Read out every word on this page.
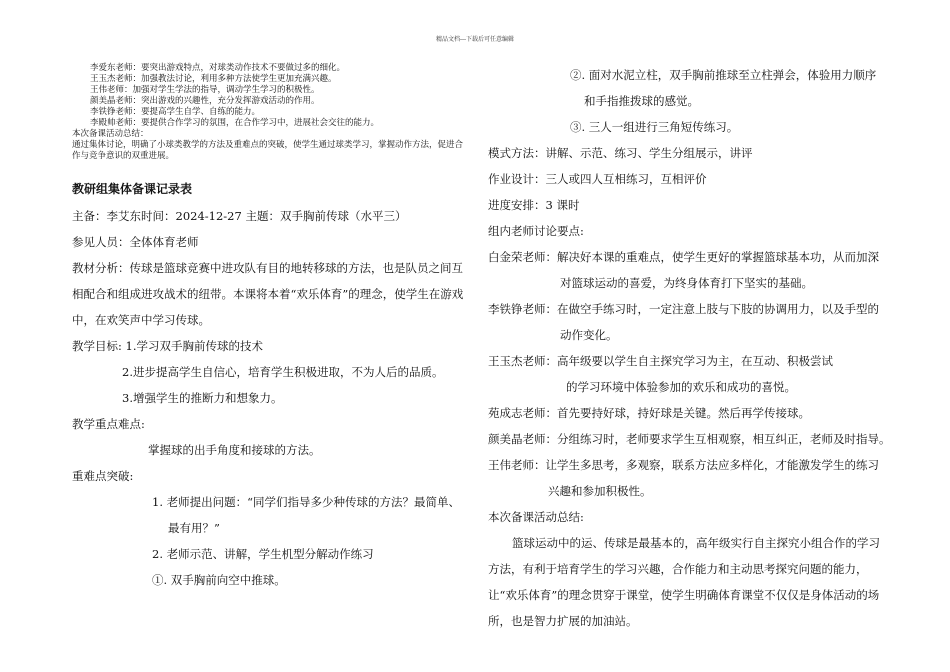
精品文档---下载后可任意编辑
李爱东老师：要突出游戏特点，对球类动作技术不要做过多的细化。
王玉杰老师：加强教法讨论，利用多种方法使学生更加充满兴趣。
王伟老师：加强对学生学法的指导，调动学生学习的积极性。
颜美晶老师：突出游戏的兴趣性，充分发挥游戏活动的作用。
李铁铮老师：要提高学生自学、自练的能力。
李殿帅老师：要提供合作学习的氛围，在合作学习中，进展社会交往的能力。
本次备课活动总结：
通过集体讨论，明确了小球类教学的方法及重难点的突破，使学生通过球类学习，掌握动作方法，促进合作与竞争意识的双重进展。
教研组集体备课记录表
主备：李艾东时间：2024-12-27 主题：双手胸前传球（水平三）
参见人员：全体体育老师
教材分析：传球是篮球竞赛中进攻队有目的地转移球的方法，也是队员之间互相配合和组成进攻战术的纽带。本课将本着“欢乐体育”的理念，使学生在游戏中，在欢笑声中学习传球。
教学目标: 1.学习双手胸前传球的技术
2.进步提高学生自信心，培育学生积极进取，不为人后的品质。
3.增强学生的推断力和想象力。
教学重点难点:
掌握球的出手角度和接球的方法。
重难点突破:
1. 老师提出问题：“同学们指导多少种传球的方法？最简单、
最有用？”
2. 老师示范、讲解，学生机型分解动作练习
①. 双手胸前向空中推球。
②. 面对水泥立柱，双手胸前推球至立柱弹会，体验用力顺序
和手指推拨球的感觉。
③. 三人一组进行三角短传练习。
模式方法：讲解、示范、练习、学生分组展示，讲评
作业设计：三人或四人互相练习，互相评价
进度安排：3 课时
组内老师讨论要点:
白金荣老师：解决好本课的重难点，使学生更好的掌握篮球基本功，从而加深
对篮球运动的喜爱，为终身体育打下坚实的基础。
李铁铮老师：在做空手练习时，一定注意上肢与下肢的协调用力，以及手型的
动作变化。
王玉杰老师：高年级要以学生自主探究学习为主，在互动、积极尝试
的学习环境中体验参加的欢乐和成功的喜悦。
苑成志老师：首先要持好球，持好球是关键。然后再学传接球。
颜美晶老师：分组练习时，老师要求学生互相观察，相互纠正，老师及时指导。
王伟老师：让学生多思考，多观察，联系方法应多样化，才能激发学生的练习
兴趣和参加积极性。
本次备课活动总结:
篮球运动中的运、传球是最基本的，高年级实行自主探究小组合作的学习方法，有利于培育学生的学习兴趣，合作能力和主动思考探究问题的能力，让“欢乐体育”的理念贯穿于课堂，使学生明确体育课堂不仅仅是身体活动的场所，也是智力扩展的加油站。
